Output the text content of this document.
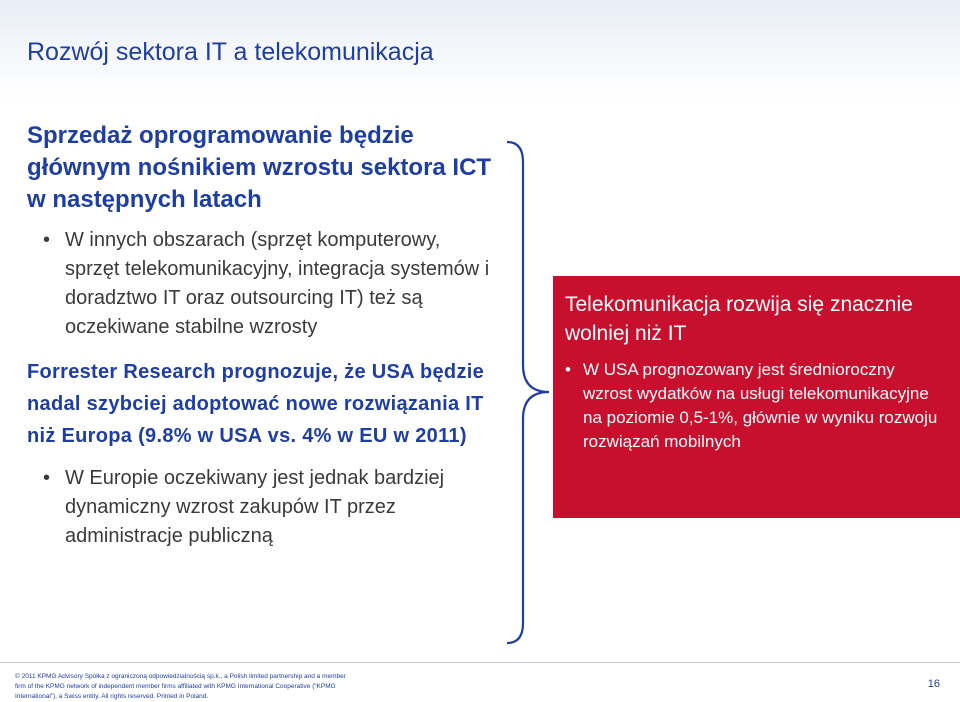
Rozwój sektora IT a telekomunikacja
Sprzedaż oprogramowanie będzie głównym nośnikiem wzrostu sektora ICT w następnych latach
• W innych obszarach (sprzęt komputerowy, sprzęt telekomunikacyjny, integracja systemów i doradztwo IT oraz outsourcing IT) też są oczekiwane stabilne wzrosty
Forrester Research prognozuje, że USA będzie nadal szybciej adoptować nowe rozwiązania IT niż Europa (9.8% w USA vs. 4% w EU w 2011)
• W Europie oczekiwany jest jednak bardziej dynamiczny wzrost zakupów IT przez administracje publiczną
Telekomunikacja rozwija się znacznie wolniej niż IT
• W USA prognozowany jest średnioroczny wzrost wydatków na usługi telekomunikacyjne na poziomie 0,5-1%, głównie w wyniku rozwoju rozwiązań mobilnych
© 2011 KPMG Advisory Spółka z ograniczoną odpowiedzialnością sp.k., a Polish limited partnership and a member firm of the KPMG network of independent member firms affiliated with KPMG International Cooperative (“KPMG International”), a Swiss entity. All rights reserved. Printed in Poland.
16
